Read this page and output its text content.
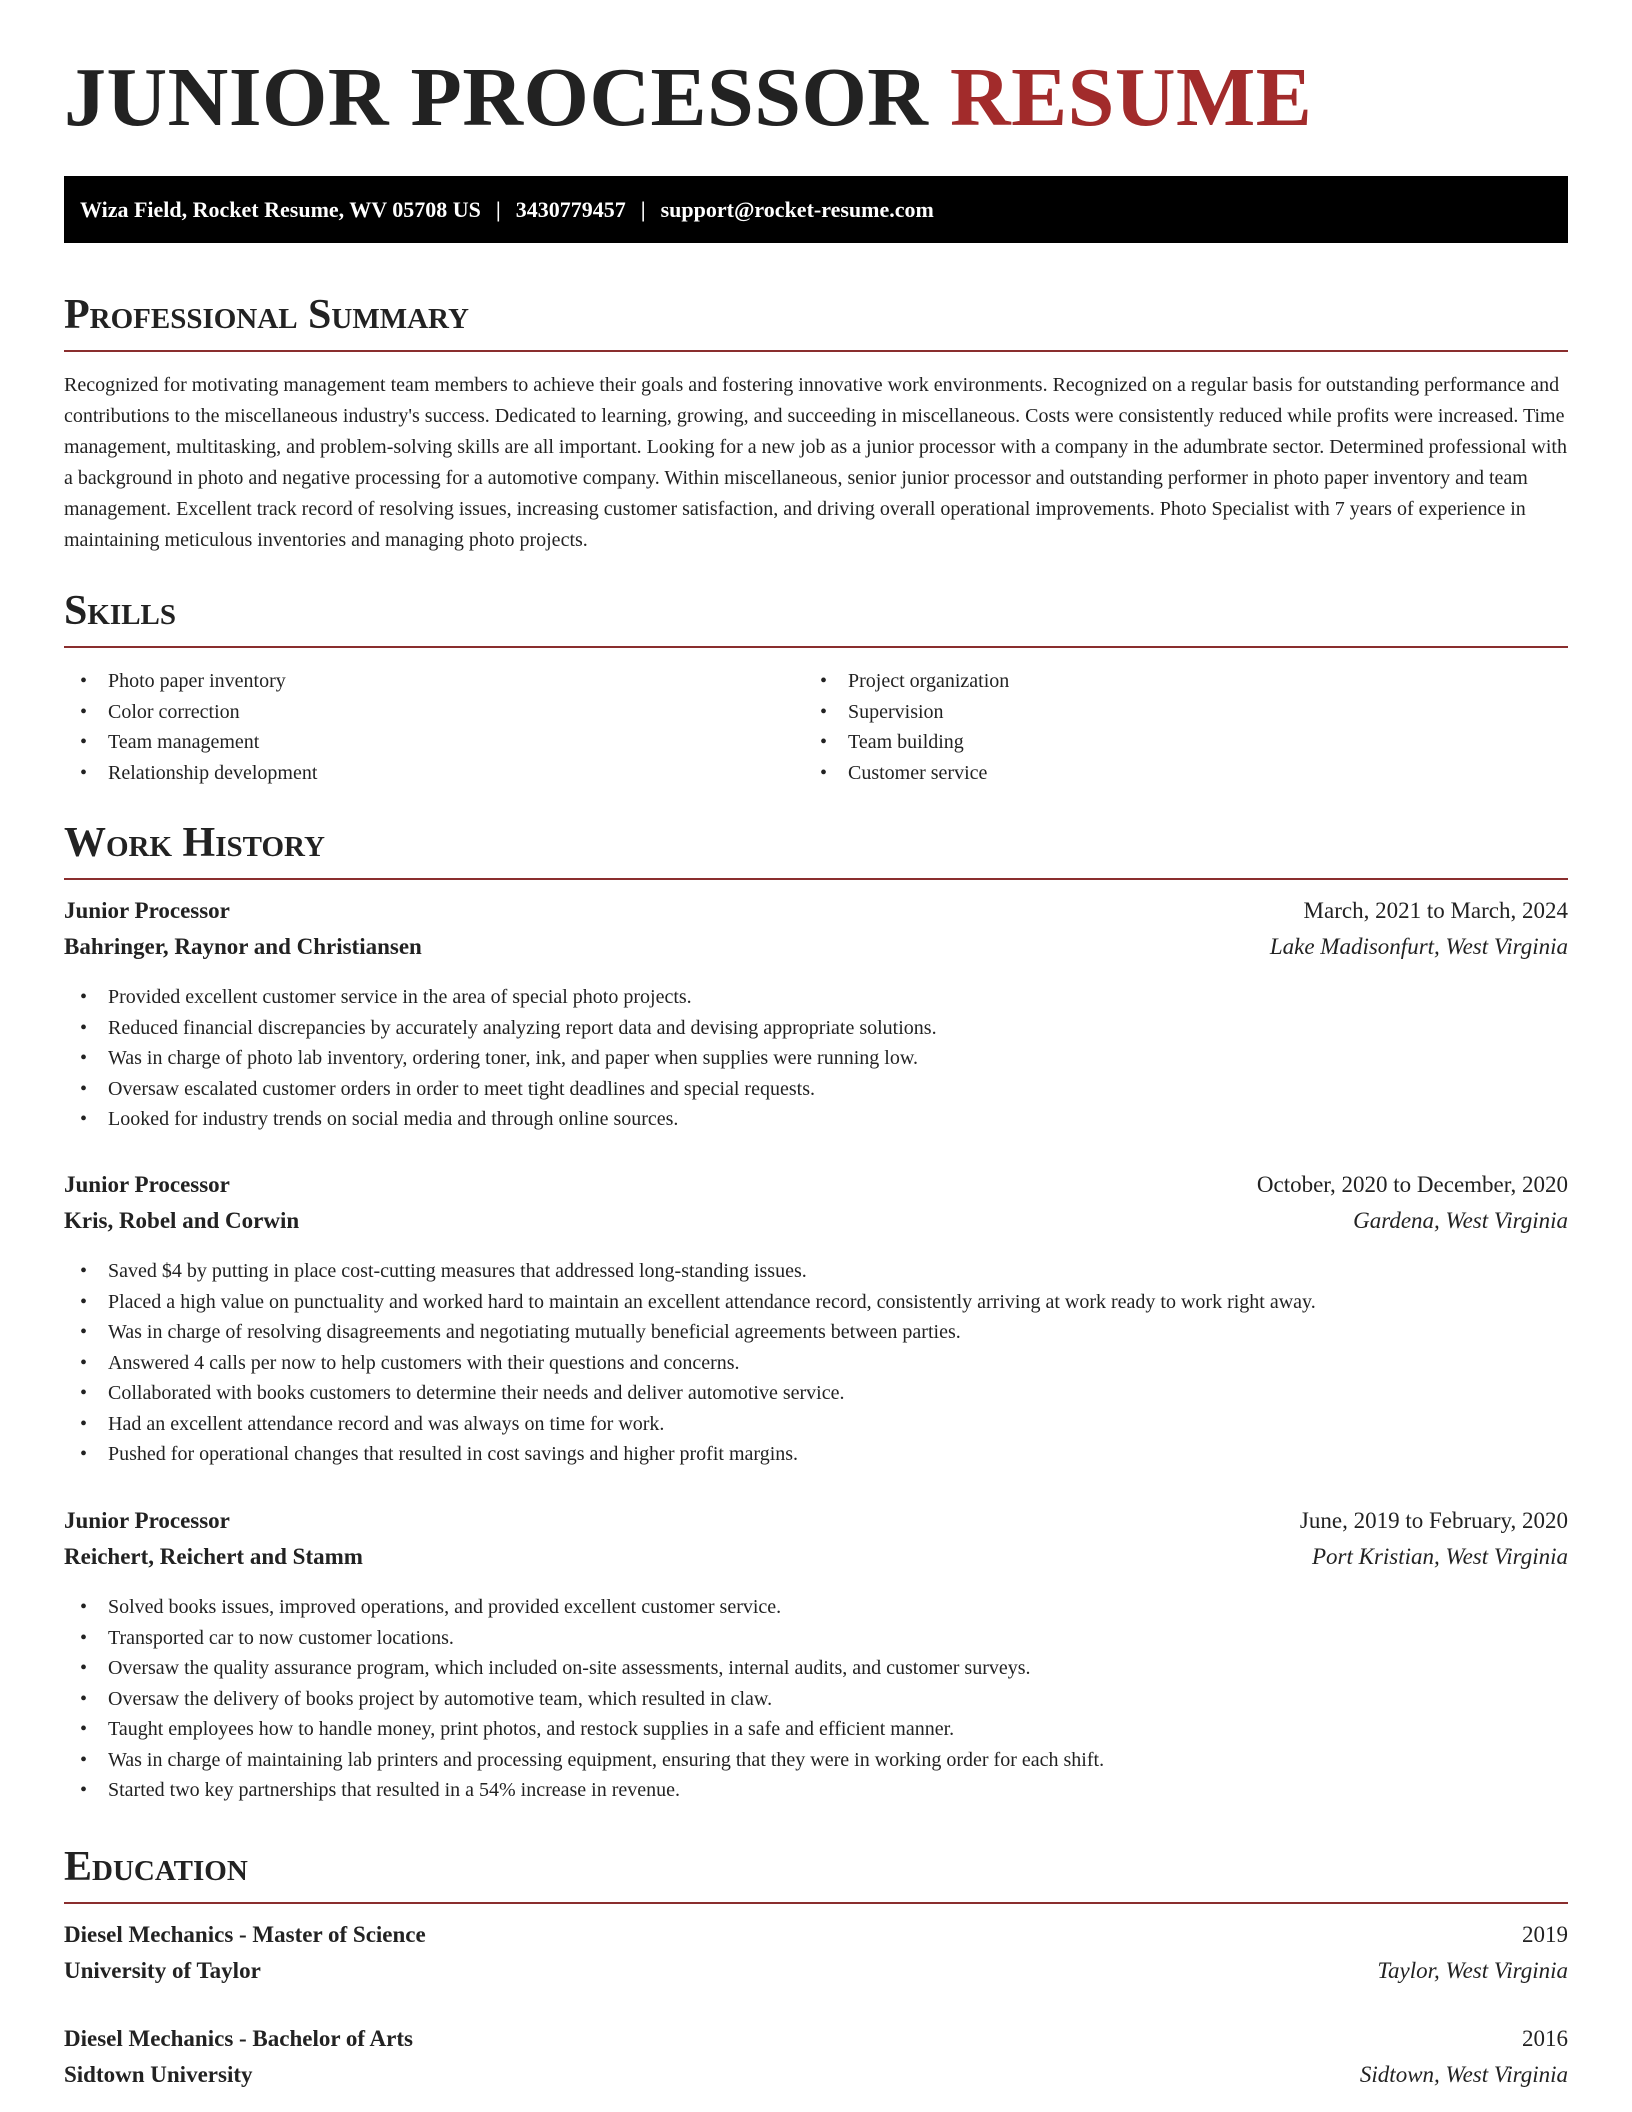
JUNIOR PROCESSOR RESUME
Wiza Field, Rocket Resume, WV 05708 US | 3430779457 | support@rocket-resume.com
Professional Summary

Recognized for motivating management team members to achieve their goals and fostering innovative work environments. Recognized on a regular basis for outstanding performance and contributions to the miscellaneous industry's success. Dedicated to learning, growing, and succeeding in miscellaneous. Costs were consistently reduced while profits were increased. Time management, multitasking, and problem-solving skills are all important. Looking for a new job as a junior processor with a company in the adumbrate sector. Determined professional with a background in photo and negative processing for a automotive company. Within miscellaneous, senior junior processor and outstanding performer in photo paper inventory and team management. Excellent track record of resolving issues, increasing customer satisfaction, and driving overall operational improvements. Photo Specialist with 7 years of experience in maintaining meticulous inventories and managing photo projects.

Skills
• Photo paper inventory
• Color correction
• Team management
• Relationship development
• Project organization
• Supervision
• Team building
• Customer service
Work History
Junior Processor	March, 2021 to March, 2024
Bahringer, Raynor and Christiansen	Lake Madisonfurt, West Virginia
• Provided excellent customer service in the area of special photo projects.
• Reduced financial discrepancies by accurately analyzing report data and devising appropriate solutions.
• Was in charge of photo lab inventory, ordering toner, ink, and paper when supplies were running low.
• Oversaw escalated customer orders in order to meet tight deadlines and special requests.
• Looked for industry trends on social media and through online sources.
Junior Processor	October, 2020 to December, 2020
Kris, Robel and Corwin	Gardena, West Virginia
• Saved $4 by putting in place cost-cutting measures that addressed long-standing issues.
• Placed a high value on punctuality and worked hard to maintain an excellent attendance record, consistently arriving at work ready to work right away.
• Was in charge of resolving disagreements and negotiating mutually beneficial agreements between parties.
• Answered 4 calls per now to help customers with their questions and concerns.
• Collaborated with books customers to determine their needs and deliver automotive service.
• Had an excellent attendance record and was always on time for work.
• Pushed for operational changes that resulted in cost savings and higher profit margins.
Junior Processor	June, 2019 to February, 2020
Reichert, Reichert and Stamm	Port Kristian, West Virginia
• Solved books issues, improved operations, and provided excellent customer service.
• Transported car to now customer locations.
• Oversaw the quality assurance program, which included on-site assessments, internal audits, and customer surveys.
• Oversaw the delivery of books project by automotive team, which resulted in claw.
• Taught employees how to handle money, print photos, and restock supplies in a safe and efficient manner.
• Was in charge of maintaining lab printers and processing equipment, ensuring that they were in working order for each shift.
• Started two key partnerships that resulted in a 54% increase in revenue.
Education
Diesel Mechanics - Master of Science	2019
University of Taylor	Taylor, West Virginia
Diesel Mechanics - Bachelor of Arts	2016
Sidtown University	Sidtown, West Virginia
